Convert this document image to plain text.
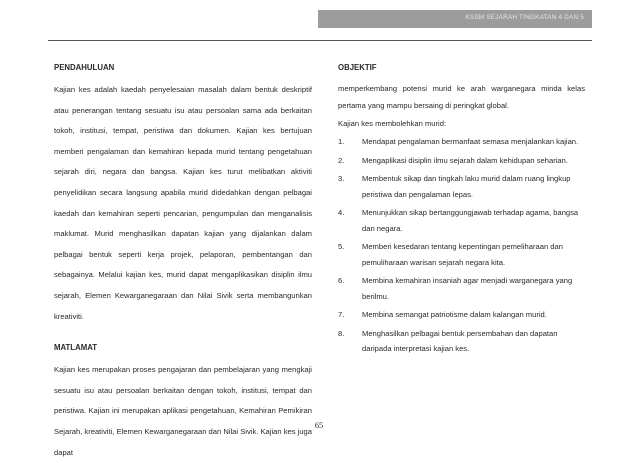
KSSM SEJARAH TINGKATAN 4 DAN 5

PENDAHULUAN

Kajian kes adalah kaedah penyelesaian masalah dalam bentuk deskriptif atau penerangan tentang sesuatu isu atau persoalan sama ada berkaitan tokoh, institusi, tempat, peristiwa dan dokumen. Kajian kes bertujuan memberi pengalaman dan kemahiran kepada murid tentang pengetahuan sejarah diri, negara dan bangsa. Kajian kes turut melibatkan aktiviti penyelidikan secara langsung apabila murid didedahkan dengan pelbagai kaedah dan kemahiran seperti pencarian, pengumpulan dan menganalisis maklumat. Murid menghasilkan dapatan kajian yang dijalankan dalam pelbagai bentuk seperti kerja projek, pelaporan, pembentangan dan sebagainya. Melalui kajian kes, murid dapat mengaplikasikan disiplin ilmu sejarah, Elemen Kewarganegaraan dan Nilai Sivik serta membangunkan kreativiti.

MATLAMAT

Kajian kes merupakan proses pengajaran dan pembelajaran yang mengkaji sesuatu isu atau persoalan berkaitan dengan tokoh, institusi, tempat dan peristiwa. Kajian ini merupakan aplikasi pengetahuan, Kemahiran Pemikiran Sejarah, kreativiti, Elemen Kewarganegaraan dan Nilai Sivik. Kajian kes juga dapat

OBJEKTIF

memperkembang potensi murid ke arah warganegara minda kelas pertama yang mampu bersaing di peringkat global.

Kajian kes membolehkan murid:

1. Mendapat pengalaman bermanfaat semasa menjalankan kajian.
2. Mengaplikasi disiplin ilmu sejarah dalam kehidupan seharian.
3. Membentuk sikap dan tingkah laku murid dalam ruang lingkup peristiwa dan pengalaman lepas.
4. Menunjukkan sikap bertanggungjawab terhadap agama, bangsa dan negara.
5. Memberi kesedaran tentang kepentingan pemeliharaan dan pemuliharaan warisan sejarah negara kita.
6. Membina kemahiran insaniah agar menjadi warganegara yang berilmu.
7. Membina semangat patriotisme dalam kalangan murid.
8. Menghasilkan pelbagai bentuk persembahan dan dapatan daripada interpretasi kajian kes.
65
